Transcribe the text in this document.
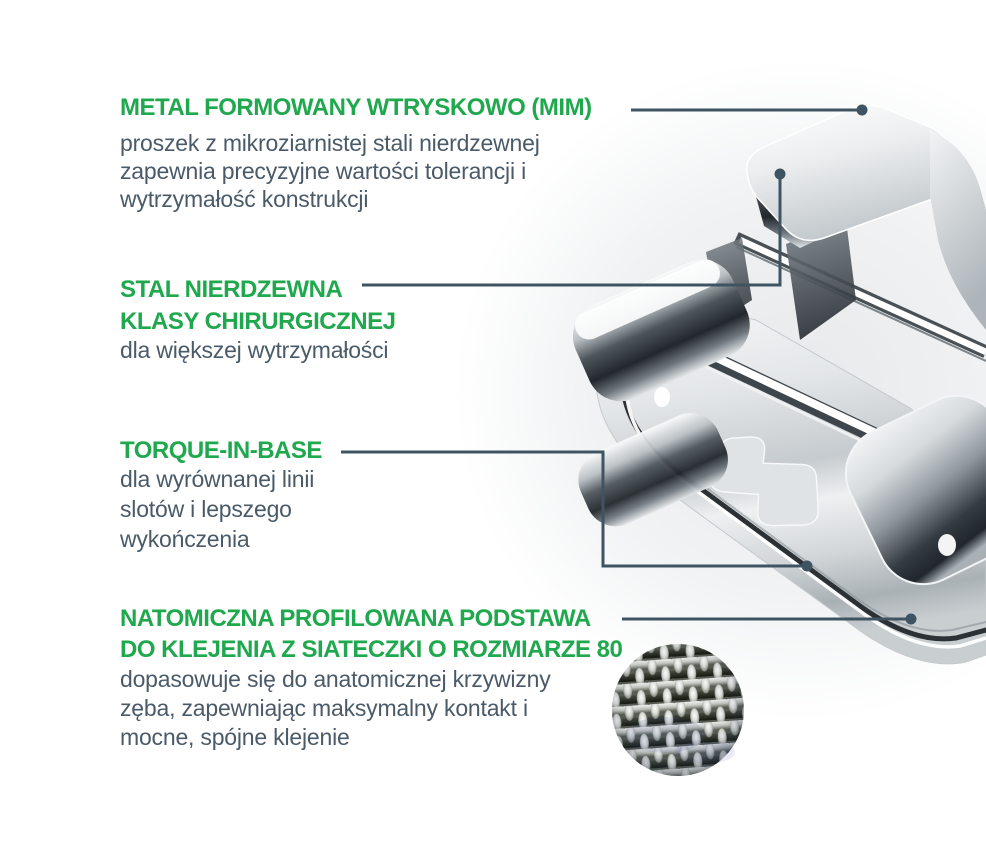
METAL FORMOWANY WTRYSKOWO (MIM)
proszek z mikroziarnistej stali nierdzewnej
zapewnia precyzyjne wartości tolerancji i
wytrzymałość konstrukcji
STAL NIERDZEWNA
KLASY CHIRURGICZNEJ
dla większej wytrzymałości
TORQUE-IN-BASE
dla wyrównanej linii
slotów i lepszego
wykończenia
NATOMICZNA PROFILOWANA PODSTAWA
DO KLEJENIA Z SIATECZKI O ROZMIARZE 80
dopasowuje się do anatomicznej krzywizny
zęba, zapewniając maksymalny kontakt i
mocne, spójne klejenie
